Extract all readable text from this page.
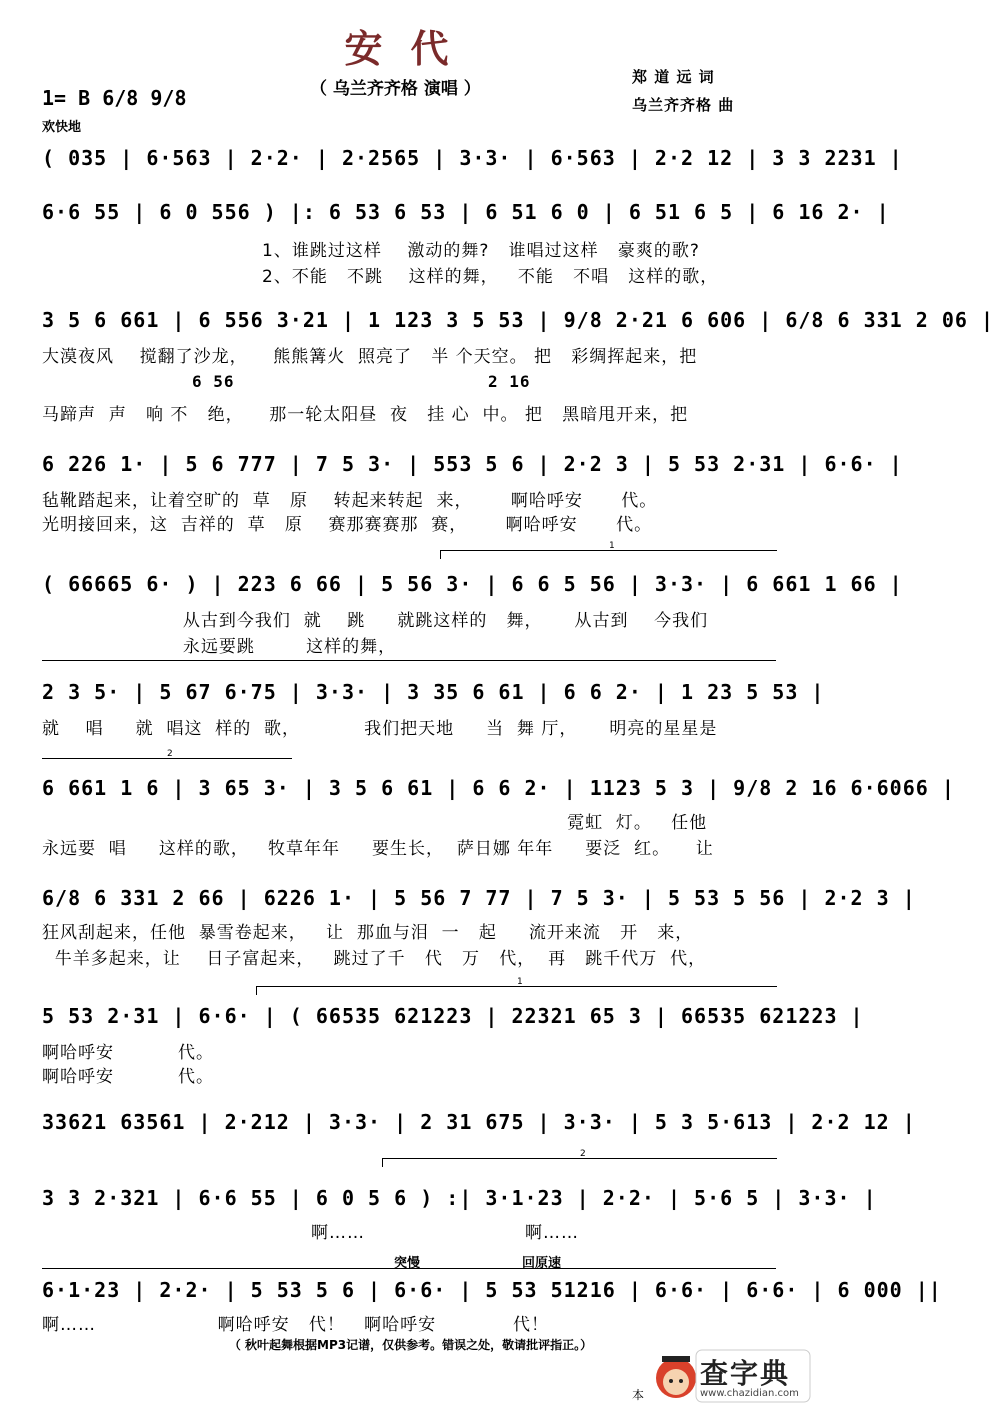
安代
（ 乌兰齐齐格 演唱 ）
郑 道 远 词
乌兰齐齐格 曲
1= B 6/8 9/8
欢快地
( 035 | 6·563 | 2·2· | 2·2565 | 3·3· | 6·563 | 2·2 12 | 3 3 2231 |
6·6 55 | 6 0 556 ) |: 6 53 6 53 | 6 51 6 0 | 6 51 6 5 | 6 16 2· |
1、谁跳过这样    激动的舞?   谁唱过这样   豪爽的歌?
2、不能   不跳    这样的舞，   不能   不唱   这样的歌，
3 5 6 661 | 6 556 3·21 | 1 123 3 5 53 | 9/8 2·21 6 606 | 6/8 6 331 2 06 |
大漠夜风    搅翻了沙龙，    熊熊篝火  照亮了   半 个天空。 把   彩绸挥起来，把
6 56	2 16
马蹄声  声   响 不   绝，    那一轮太阳昼  夜   挂 心  中。 把   黑暗甩开来，把
6 226 1· | 5 6 777 | 7 5 3· | 553 5 6 | 2·2 3 | 5 53 2·31 | 6·6· |
毡靴踏起来，让着空旷的  草   原    转起来转起  来，      啊哈呼安      代。
光明接回来，这  吉祥的  草   原    赛那赛赛那  赛，      啊哈呼安      代。
1
( 66665 6· ) | 223 6 66 | 5 56 3· | 6 6 5 56 | 3·3· | 6 661 1 66 |
从古到今我们  就    跳     就跳这样的   舞，     从古到    今我们
永远要跳        这样的舞，
2 3 5· | 5 67 6·75 | 3·3· | 3 35 6 61 | 6 6 2· | 1 23 5 53 |
就    唱     就  唱这  样的  歌，          我们把天地     当  舞 厅，     明亮的星星是
2
6 661 1 6 | 3 65 3· | 3 5 6 61 | 6 6 2· | 1123 5 3 | 9/8 2 16 6·6066 |
霓虹  灯。   任他
永远要  唱     这样的歌，   牧草年年     要生长，  萨日娜 年年     要泛  红。    让
6/8 6 331 2 66 | 6226 1· | 5 56 7 77 | 7 5 3· | 5 53 5 56 | 2·2 3 |
狂风刮起来，任他  暴雪卷起来，   让  那血与泪  一   起     流开来流   开   来，
牛羊多起来，让    日子富起来，   跳过了千   代   万   代，  再   跳千代万  代，
1
5 53 2·31 | 6·6· | ( 66535 621223 | 22321 65 3 | 66535 621223 |
啊哈呼安          代。
啊哈呼安          代。
33621 63561 | 2·212 | 3·3· | 2 31 675 | 3·3· | 5 3 5·613 | 2·2 12 |
2
3 3 2·321 | 6·6 55 | 6 0 5 6 ) :| 3·1·23 | 2·2· | 5·6 5 | 3·3· |
啊……                         啊……
突慢	回原速
6·1·23 | 2·2· | 5 53 5 6 | 6·6· | 5 53 51216 | 6·6· | 6·6· | 6 000 ||
啊……                   啊哈呼安   代！   啊哈呼安            代！
（ 秋叶起舞根据MP3记谱，仅供参考。错误之处，敬请批评指正。）
本
查字典
www.chazidian.com
